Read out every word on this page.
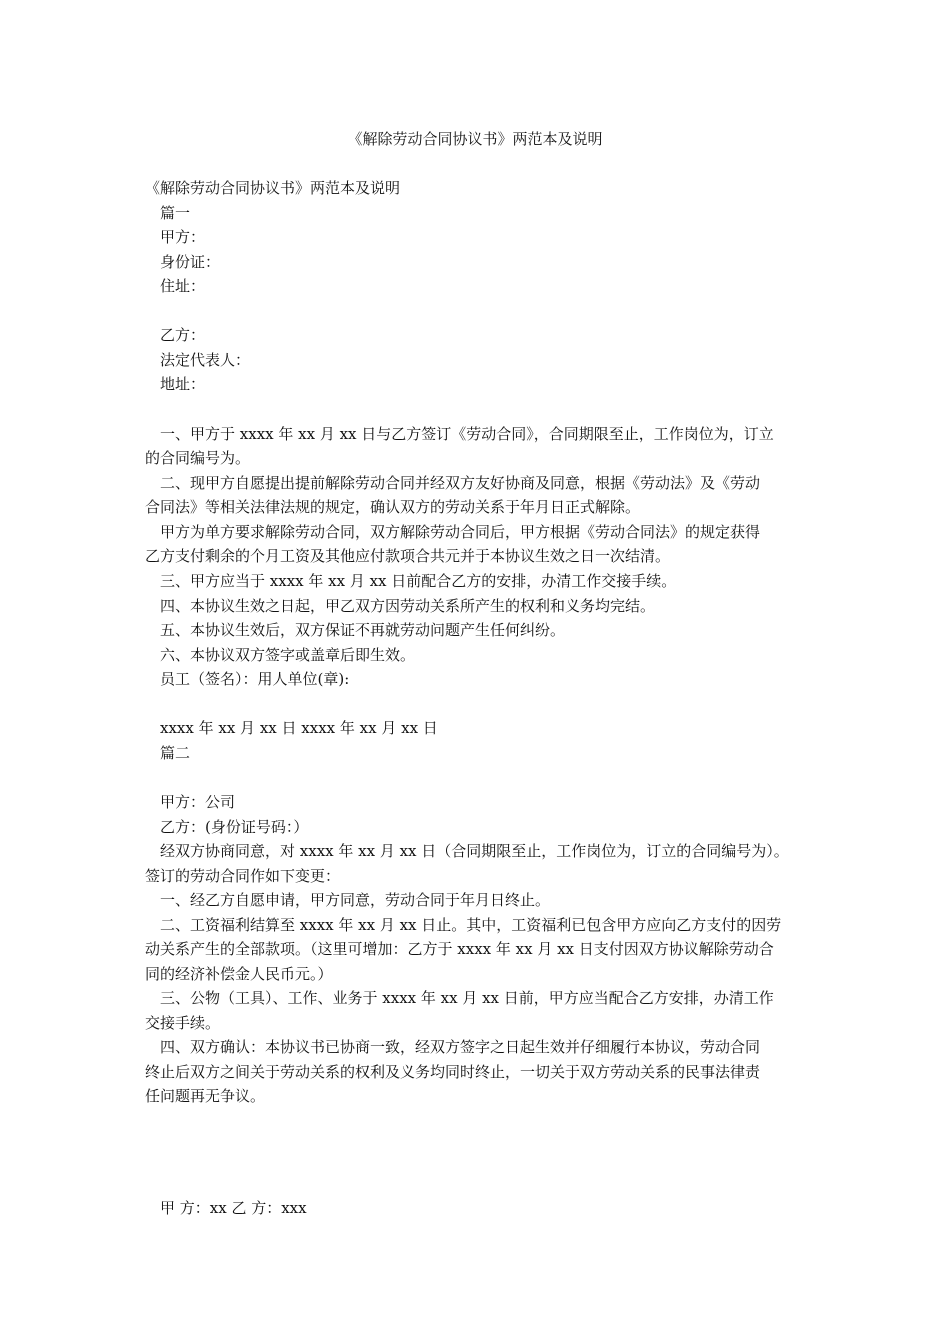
《解除劳动合同协议书》两范本及说明

《解除劳动合同协议书》两范本及说明

篇一

甲方：

身份证：

住址：

乙方：

法定代表人：

地址：

一、甲方于 xxxx 年 xx 月 xx 日与乙方签订《劳动合同》，合同期限至止，工作岗位为，订立

的合同编号为。

二、现甲方自愿提出提前解除劳动合同并经双方友好协商及同意，根据《劳动法》及《劳动

合同法》等相关法律法规的规定，确认双方的劳动关系于年月日正式解除。

甲方为单方要求解除劳动合同，双方解除劳动合同后，甲方根据《劳动合同法》的规定获得

乙方支付剩余的个月工资及其他应付款项合共元并于本协议生效之日一次结清。

三、甲方应当于 xxxx 年 xx 月 xx 日前配合乙方的安排，办清工作交接手续。

四、本协议生效之日起，甲乙双方因劳动关系所产生的权利和义务均完结。

五、本协议生效后，双方保证不再就劳动问题产生任何纠纷。

六、本协议双方签字或盖章后即生效。

员工（签名）：用人单位(章):

xxxx 年 xx 月 xx 日 xxxx 年 xx 月 xx 日

篇二

甲方：公司

乙方：(身份证号码：）

经双方协商同意，对 xxxx 年 xx 月 xx 日（合同期限至止，工作岗位为，订立的合同编号为）。

签订的劳动合同作如下变更：

一、经乙方自愿申请，甲方同意，劳动合同于年月日终止。

二、工资福利结算至 xxxx 年 xx 月 xx 日止。其中，工资福利已包含甲方应向乙方支付的因劳

动关系产生的全部款项。（这里可增加：乙方于 xxxx 年 xx 月 xx 日支付因双方协议解除劳动合

同的经济补偿金人民币元。）

三、公物（工具）、工作、业务于 xxxx 年 xx 月 xx 日前，甲方应当配合乙方安排，办清工作

交接手续。

四、双方确认：本协议书已协商一致，经双方签字之日起生效并仔细履行本协议，劳动合同

终止后双方之间关于劳动关系的权利及义务均同时终止，一切关于双方劳动关系的民事法律责

任问题再无争议。

甲 方：xx 乙 方：xxx
